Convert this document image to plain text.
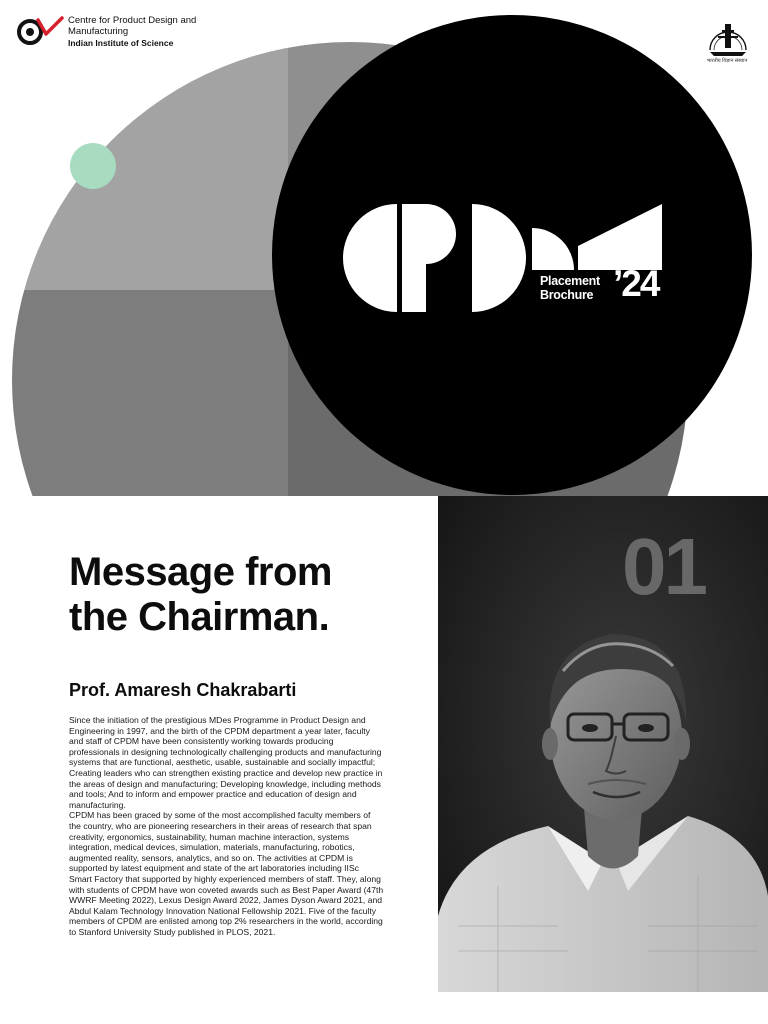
Placement
Brochure ’24
Centre for Product Design and Manufacturing
Indian Institute of Science
भारतीय विज्ञान संस्थान
Message from
the Chairman.
Prof. Amaresh Chakrabarti

Since the initiation of the prestigious MDes Programme in Product Design and Engineering in 1997, and the birth of the CPDM department a year later, faculty and staff of CPDM have been consistently working towards producing professionals in designing technologically challenging products and manufacturing systems that are functional, aesthetic, usable, sustainable and socially impactful; Creating leaders who can strengthen existing practice and develop new practice in the areas of design and manufacturing; Developing knowledge, including methods and tools; And to inform and empower practice and education of design and manufacturing.

CPDM has been graced by some of the most accomplished faculty members of the country, who are pioneering researchers in their areas of research that span creativity, ergonomics, sustainability, human machine interaction, systems integration, medical devices, simulation, materials, manufacturing, robotics, augmented reality, sensors, analytics, and so on. The activities at CPDM is supported by latest equipment and state of the art laboratories including IISc Smart Factory that supported by highly experienced members of staff. They, along with students of CPDM have won coveted awards such as Best Paper Award (47th WWRF Meeting 2022), Lexus Design Award 2022, James Dyson Award 2021, and Abdul Kalam Technology Innovation National Fellowship 2021. Five of the faculty members of CPDM are enlisted among top 2% researchers in the world, according to Stanford University Study published in PLOS, 2021.

01
